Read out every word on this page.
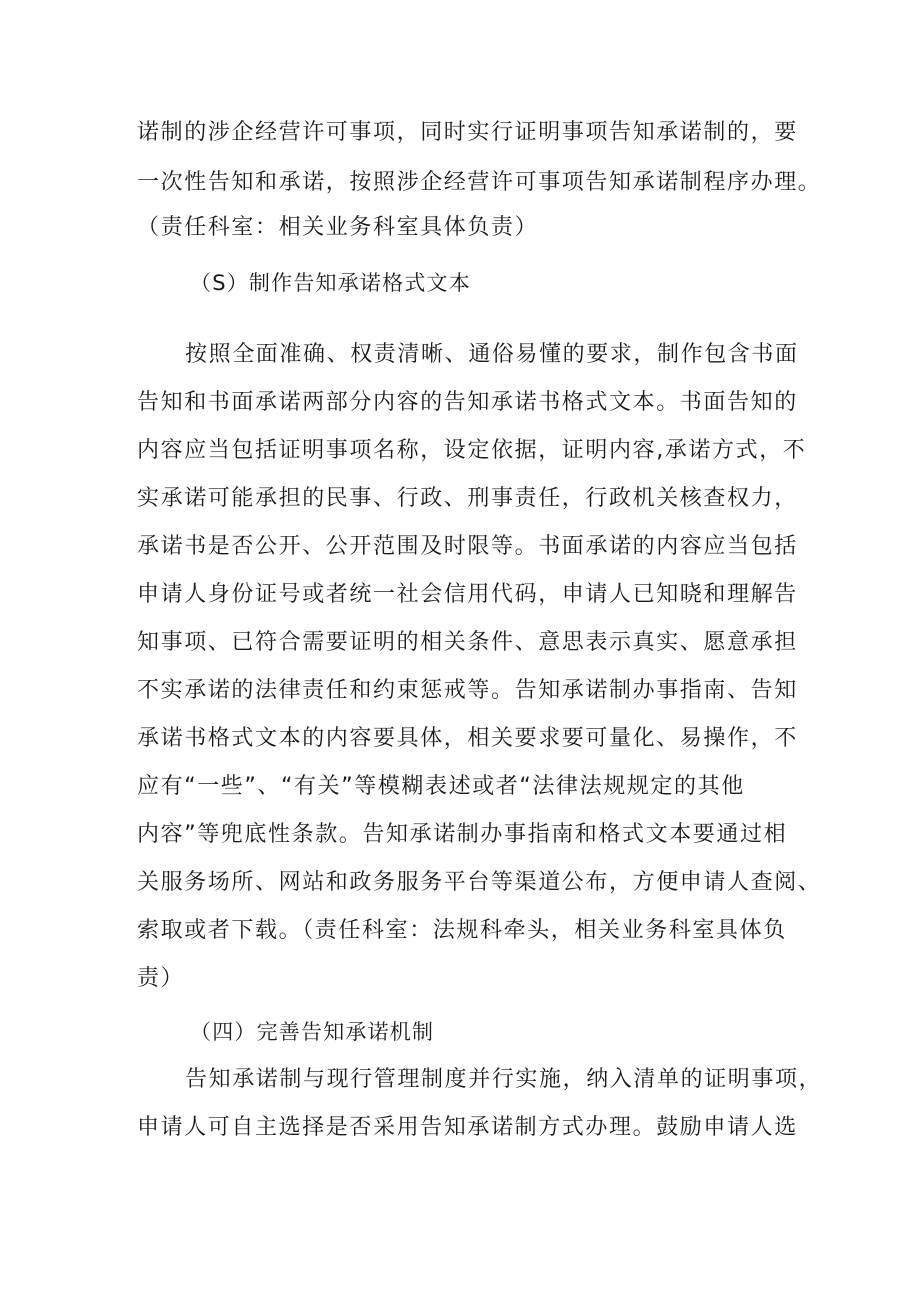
诺制的涉企经营许可事项，同时实行证明事项告知承诺制的，要
一次性告知和承诺，按照涉企经营许可事项告知承诺制程序办理。
（责任科室：相关业务科室具体负责）
（S）制作告知承诺格式文本
按照全面准确、权责清晰、通俗易懂的要求，制作包含书面
告知和书面承诺两部分内容的告知承诺书格式文本。书面告知的
内容应当包括证明事项名称，设定依据，证明内容,承诺方式，不
实承诺可能承担的民事、行政、刑事责任，行政机关核查权力，
承诺书是否公开、公开范围及时限等。书面承诺的内容应当包括
申请人身份证号或者统一社会信用代码，申请人已知晓和理解告
知事项、已符合需要证明的相关条件、意思表示真实、愿意承担
不实承诺的法律责任和约束惩戒等。告知承诺制办事指南、告知
承诺书格式文本的内容要具体，相关要求要可量化、易操作，不
应有“一些”、“有关”等模糊表述或者“法律法规规定的其他
内容”等兜底性条款。告知承诺制办事指南和格式文本要通过相
关服务场所、网站和政务服务平台等渠道公布，方便申请人查阅、
索取或者下载。（责任科室：法规科牵头，相关业务科室具体负
责）
（四）完善告知承诺机制
告知承诺制与现行管理制度并行实施，纳入清单的证明事项，
申请人可自主选择是否采用告知承诺制方式办理。鼓励申请人选
